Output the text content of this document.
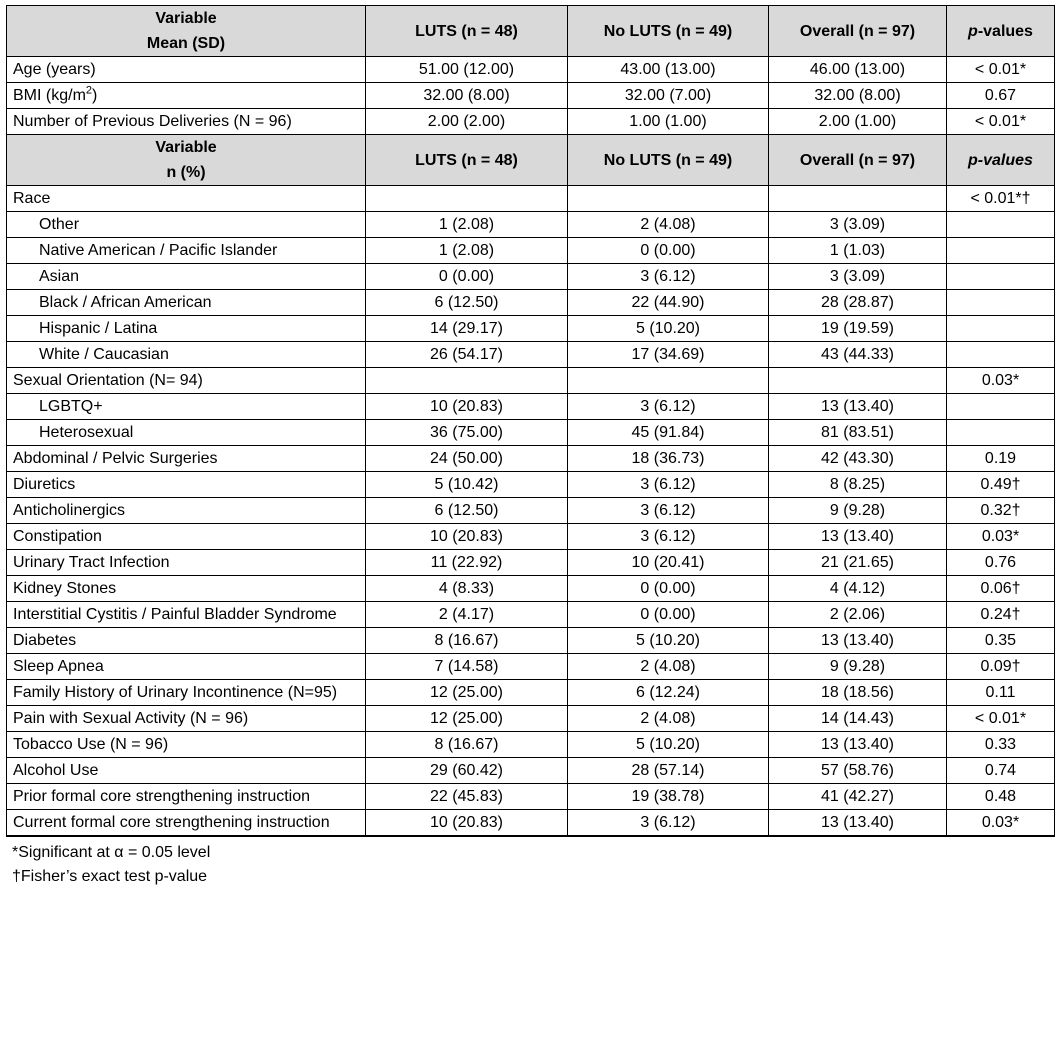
Variable
Mean (SD)	LUTS (n = 48)	No LUTS (n = 49)	Overall (n = 97)	p-values
Age (years)	51.00 (12.00)	43.00 (13.00)	46.00 (13.00)	< 0.01*
BMI $(kg/m^2)$	32.00 (8.00)	32.00 (7.00)	32.00 (8.00)	0.67
Number of Previous Deliveries (N = 96)	2.00 (2.00)	1.00 (1.00)	2.00 (1.00)	< 0.01*

Variable
n (%)	LUTS (n = 48)	No LUTS (n = 49)	Overall (n = 97)	p-values
Race				< 0.01*†
Other	1 (2.08)	2 (4.08)	3 (3.09)	
Native American / Pacific Islander	1 (2.08)	0 (0.00)	1 (1.03)	
Asian	0 (0.00)	3 (6.12)	3 (3.09)	
Black / African American	6 (12.50)	22 (44.90)	28 (28.87)	
Hispanic / Latina	14 (29.17)	5 (10.20)	19 (19.59)	
White / Caucasian	26 (54.17)	17 (34.69)	43 (44.33)	
Sexual Orientation (N= 94)				0.03*
LGBTQ+	10 (20.83)	3 (6.12)	13 (13.40)	
Heterosexual	36 (75.00)	45 (91.84)	81 (83.51)	
Abdominal / Pelvic Surgeries	24 (50.00)	18 (36.73)	42 (43.30)	0.19
Diuretics	5 (10.42)	3 (6.12)	8 (8.25)	0.49†
Anticholinergics	6 (12.50)	3 (6.12)	9 (9.28)	0.32†
Constipation	10 (20.83)	3 (6.12)	13 (13.40)	0.03*
Urinary Tract Infection	11 (22.92)	10 (20.41)	21 (21.65)	0.76
Kidney Stones	4 (8.33)	0 (0.00)	4 (4.12)	0.06†
Interstitial Cystitis / Painful Bladder Syndrome	2 (4.17)	0 (0.00)	2 (2.06)	0.24†
Diabetes	8 (16.67)	5 (10.20)	13 (13.40)	0.35
Sleep Apnea	7 (14.58)	2 (4.08)	9 (9.28)	0.09†
Family History of Urinary Incontinence (N=95)	12 (25.00)	6 (12.24)	18 (18.56)	0.11
Pain with Sexual Activity (N = 96)	12 (25.00)	2 (4.08)	14 (14.43)	< 0.01*
Tobacco Use (N = 96)	8 (16.67)	5 (10.20)	13 (13.40)	0.33
Alcohol Use	29 (60.42)	28 (57.14)	57 (58.76)	0.74
Prior formal core strengthening instruction	22 (45.83)	19 (38.78)	41 (42.27)	0.48
Current formal core strengthening instruction	10 (20.83)	3 (6.12)	13 (13.40)	0.03*

*Significant at α = 0.05 level
†Fisher’s exact test p-value
